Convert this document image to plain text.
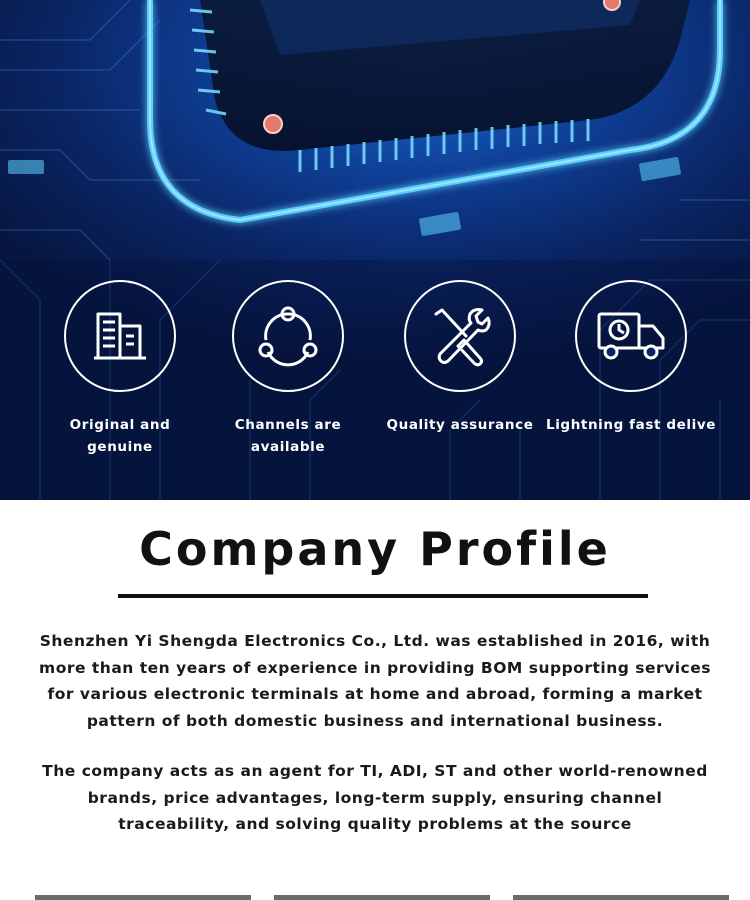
Original and genuine
Channels are available
Quality assurance Lightning fast delive
Company Profile

Shenzhen Yi Shengda Electronics Co., Ltd. was established in 2016, with more than ten years of experience in providing BOM supporting services for various electronic terminals at home and abroad, forming a market pattern of both domestic business and international business.

The company acts as an agent for TI, ADI, ST and other world-renowned brands, price advantages, long-term supply, ensuring channel traceability, and solving quality problems at the source
